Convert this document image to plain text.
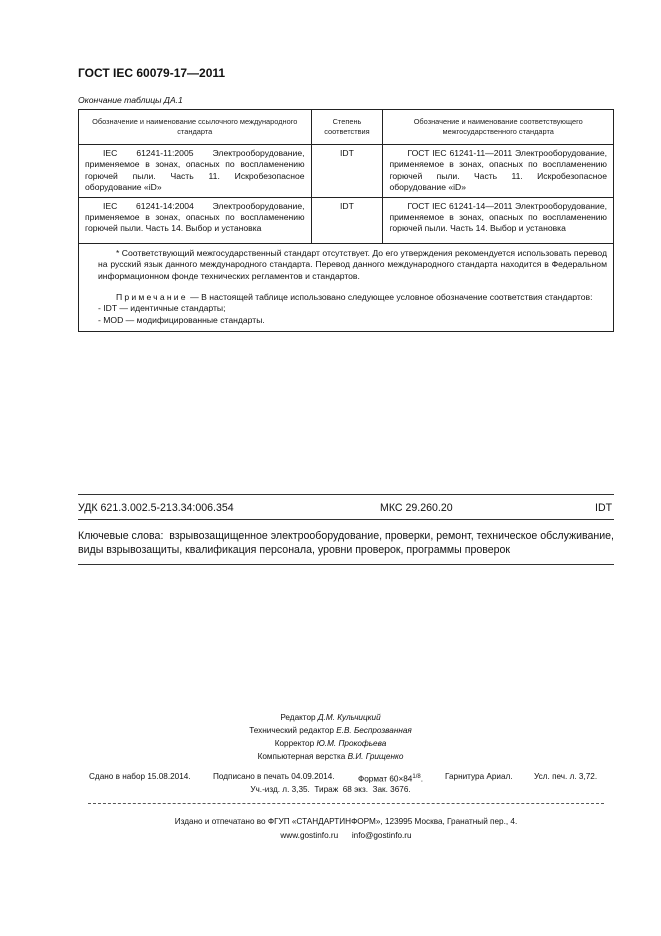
ГОСТ IEC 60079-17—2011
Окончание таблицы ДА.1
Обозначение и наименование ссылочного международного стандарта	Степень соответствия	Обозначение и наименование соответствующего межгосударственного стандарта
IEC 61241-11:2005 Электрооборудование, применяемое в зонах, опасных по воспламенению горючей пыли. Часть 11. Искробезопасное оборудование «iD»	IDT	ГОСТ IEC 61241-11—2011 Электрооборудование, применяемое в зонах, опасных по воспламенению горючей пыли. Часть 11. Искробезопасное оборудование «iD»
IEC 61241-14:2004 Электрооборудование, применяемое в зонах, опасных по воспламенению горючей пыли. Часть 14. Выбор и установка	IDT	ГОСТ IEC 61241-14—2011 Электрооборудование, применяемое в зонах, опасных по воспламенению горючей пыли. Часть 14. Выбор и установка

* Соответствующий межгосударственный стандарт отсутствует. До его утверждения рекомендуется использовать перевод на русский язык данного международного стандарта. Перевод данного международного стандарта находится в Федеральном информационном фонде технических регламентов и стандартов.

Примечание — В настоящей таблице использовано следующее условное обозначение соответствия стандартов:

- IDT — идентичные стандарты;

- MOD — модифицированные стандарты.		

УДК 621.3.002.5-213.34:006.354	МКС 29.260.20	IDT
Ключевые слова: взрывозащищенное электрооборудование, проверки, ремонт, техническое обслуживание, виды взрывозащиты, квалификация персонала, уровни проверок, программы проверок
Редактор Д.М. Кульчицкий
Технический редактор Е.В. Беспрозванная
Корректор Ю.М. Прокофьева
Компьютерная верстка В.И. Грищенко
Сдано в набор 15.08.2014.	Подписано в печать 04.09.2014.	Формат $60\times 84^{1/8}$.	Гарнитура Ариал.	Усл. печ. л. 3,72.
Уч.-изд. л. 3,35.  Тираж  68 экз.  Зак. 3676.
Издано и отпечатано во ФГУП «СТАНДАРТИНФОРМ», 123995 Москва, Гранатный пер., 4.
www.gostinfo.ru info@gostinfo.ru
